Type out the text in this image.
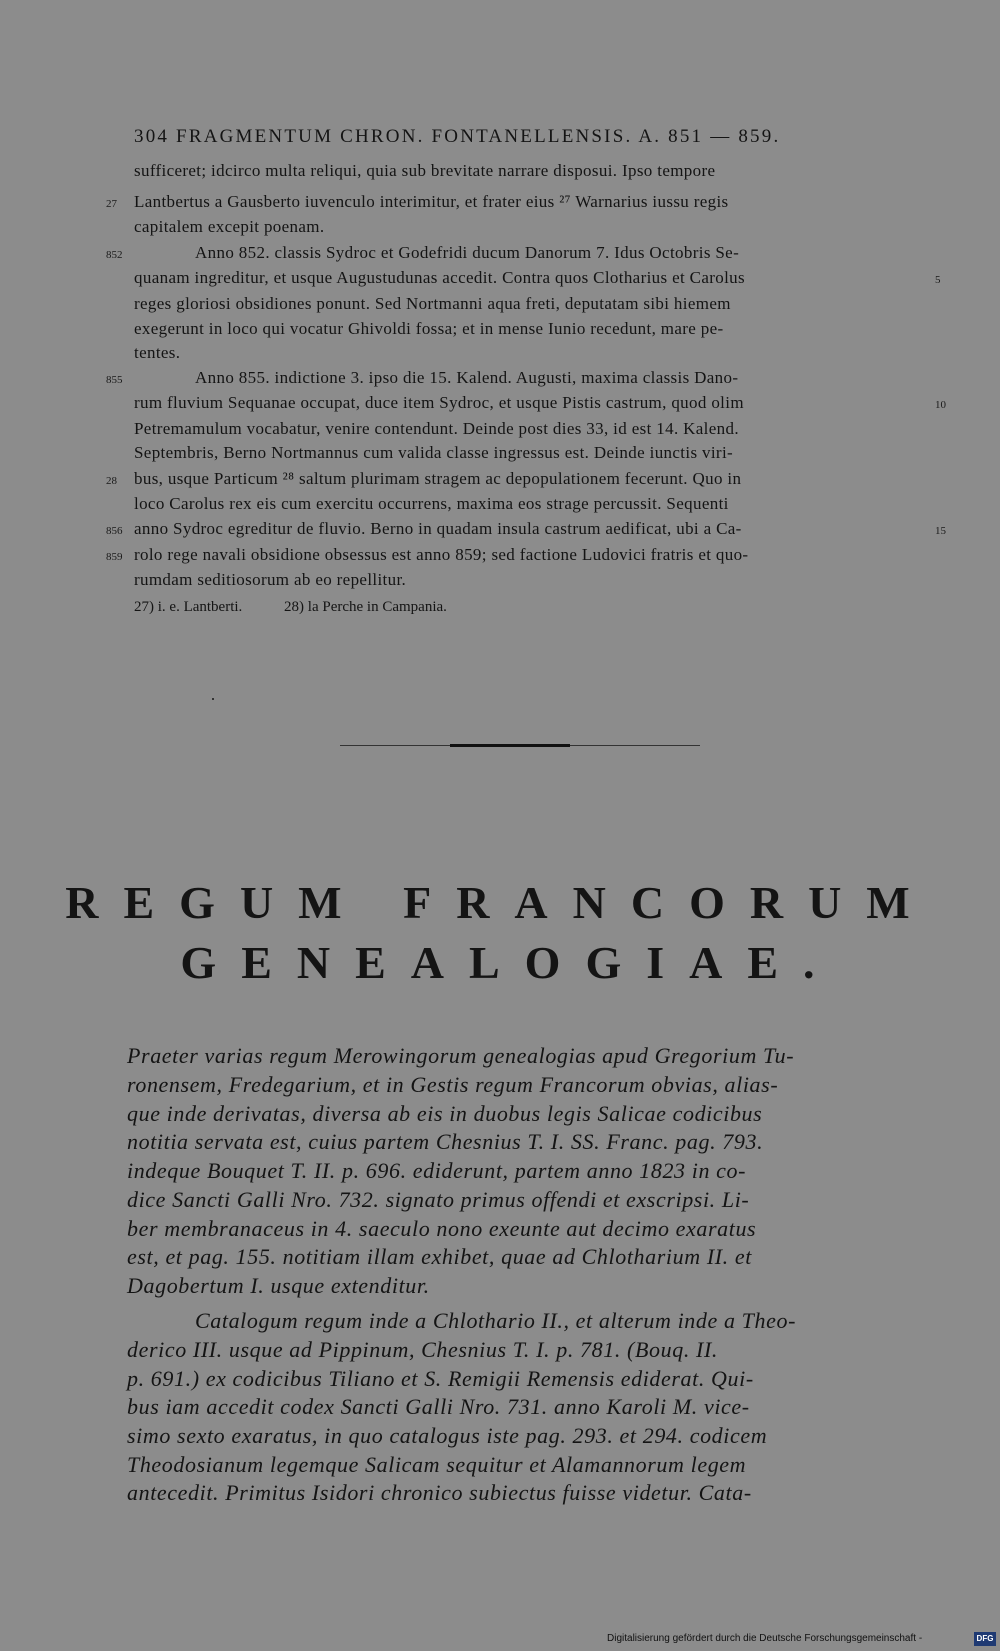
304 FRAGMENTUM CHRON. FONTANELLENSIS. A. 851 — 859.
sufficeret; idcirco multa reliqui, quia sub brevitate narrare disposui. Ipso tempore
27 Lantbertus a Gausberto iuvenculo interimitur, et frater eius ²⁷ Warnarius iussu regis
capitalem excepit poenam.
852	Anno 852. classis Sydroc et Godefridi ducum Danorum 7. Idus Octobris Se-
quanam ingreditur, et usque Augustudunas accedit. Contra quos Clotharius et Carolus	5
reges gloriosi obsidiones ponunt. Sed Nortmanni aqua freti, deputatam sibi hiemem
exegerunt in loco qui vocatur Ghivoldi fossa; et in mense Iunio recedunt, mare pe-
tentes.
855	Anno 855. indictione 3. ipso die 15. Kalend. Augusti, maxima classis Dano-
rum fluvium Sequanae occupat, duce item Sydroc, et usque Pistis castrum, quod olim	10
Petremamulum vocabatur, venire contendunt. Deinde post dies 33, id est 14. Kalend.
Septembris, Berno Nortmannus cum valida classe ingressus est. Deinde iunctis viri-
28 bus, usque Particum ²⁸ saltum plurimam stragem ac depopulationem fecerunt. Quo in
loco Carolus rex eis cum exercitu occurrens, maxima eos strage percussit. Sequenti
856 anno Sydroc egreditur de fluvio. Berno in quadam insula castrum aedificat, ubi a Ca-	15
859 rolo rege navali obsidione obsessus est anno 859; sed factione Ludovici fratris et quo-
rumdam seditiosorum ab eo repellitur.
27) i. e. Lantberti.	28) la Perche in Campania.
REGUM FRANCORUM
GENEALOGIAE.
Praeter varias regum Merowingorum genealogias apud Gregorium Tu-
ronensem, Fredegarium, et in Gestis regum Francorum obvias, alias-
que inde derivatas, diversa ab eis in duobus legis Salicae codicibus
notitia servata est, cuius partem Chesnius T. I. SS. Franc. pag. 793.
indeque Bouquet T. II. p. 696. ediderunt, partem anno 1823 in co-
dice Sancti Galli Nro. 732. signato primus offendi et exscripsi. Li-
ber membranaceus in 4. saeculo nono exeunte aut decimo exaratus
est, et pag. 155. notitiam illam exhibet, quae ad Chlotharium II. et
Dagobertum I. usque extenditur.
Catalogum regum inde a Chlothario II., et alterum inde a Theo-
derico III. usque ad Pippinum, Chesnius T. I. p. 781. (Bouq. II.
p. 691.) ex codicibus Tiliano et S. Remigii Remensis ediderat. Qui-
bus iam accedit codex Sancti Galli Nro. 731. anno Karoli M. vice-
simo sexto exaratus, in quo catalogus iste pag. 293. et 294. codicem
Theodosianum legemque Salicam sequitur et Alamannorum legem
antecedit. Primitus Isidori chronico subiectus fuisse videtur. Cata-
Digitalisierung gefördert durch die Deutsche Forschungsgemeinschaft -	DFG
